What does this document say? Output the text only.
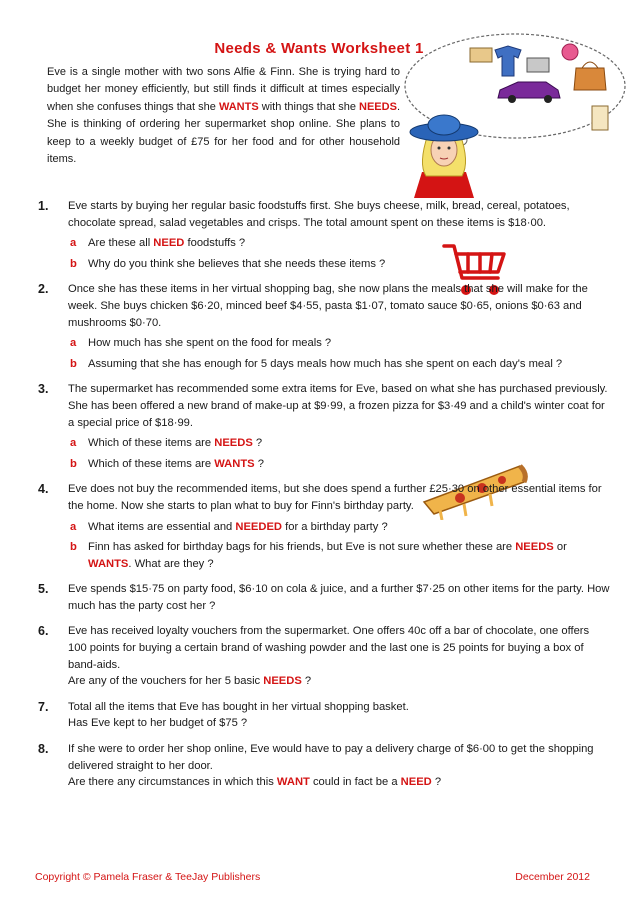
Needs & Wants Worksheet 1
Eve is a single mother with two sons Alfie & Finn. She is trying hard to budget her money efficiently, but still finds it difficult at times especially when she confuses things that she WANTS with things that she NEEDS. She is thinking of ordering her supermarket shop online. She plans to keep to a weekly budget of £75 for her food and for other household items.
1. Eve starts by buying her regular basic foodstuffs first. She buys cheese, milk, bread, cereal, potatoes, chocolate spread, salad vegetables and crisps. The total amount spent on these items is $18·00.
a Are these all NEED foodstuffs ?
b Why do you think she believes that she needs these items ?
2. Once she has these items in her virtual shopping bag, she now plans the meals that she will make for the week. She buys chicken $6·20, minced beef $4·55, pasta $1·07, tomato sauce $0·65, onions $0·63 and mushrooms $0·70.
a How much has she spent on the food for meals ?
b Assuming that she has enough for 5 days meals how much has she spent on each day's meal ?
3. The supermarket has recommended some extra items for Eve, based on what she has purchased previously. She has been offered a new brand of make-up at $9·99, a frozen pizza for $3·49 and a child's winter coat for a special price of $18·99.
a Which of these items are NEEDS ?
b Which of these items are WANTS ?
4. Eve does not buy the recommended items, but she does spend a further £25·30 on other essential items for the home. Now she starts to plan what to buy for Finn's birthday party.
a What items are essential and NEEDED for a birthday party ?
b Finn has asked for birthday bags for his friends, but Eve is not sure whether these are NEEDS or WANTS. What are they ?
5. Eve spends $15·75 on party food, $6·10 on cola & juice, and a further $7·25 on other items for the party. How much has the party cost her ?
6. Eve has received loyalty vouchers from the supermarket. One offers 40c off a bar of chocolate, one offers 100 points for buying a certain brand of washing powder and the last one is 25 points for buying a box of band-aids.
Are any of the vouchers for her 5 basic NEEDS ?
7. Total all the items that Eve has bought in her virtual shopping basket.
Has Eve kept to her budget of $75 ?
8. If she were to order her shop online, Eve would have to pay a delivery charge of $6·00 to get the shopping delivered straight to her door.
Are there any circumstances in which this WANT could in fact be a NEED ?
Copyright © Pamela Fraser & TeeJay Publishers	December 2012
